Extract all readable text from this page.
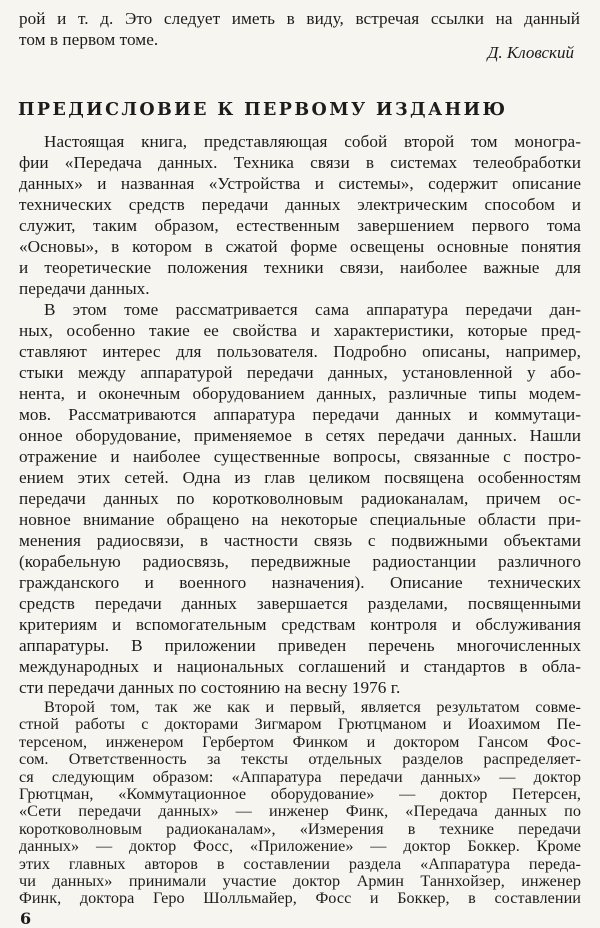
рой и т. д. Это следует иметь в виду, встречая ссылки на данный
том в первом томе.
Д. Кловский
ПРЕДИСЛОВИЕ К ПЕРВОМУ ИЗДАНИЮ
Настоящая книга, представляющая собой второй том моногра-
фии «Передача данных. Техника связи в системах телеобработки
данных» и названная «Устройства и системы», содержит описание
технических средств передачи данных электрическим способом и
служит, таким образом, естественным завершением первого тома
«Основы», в котором в сжатой форме освещены основные понятия
и теоретические положения техники связи, наиболее важные для
передачи данных.
В этом томе рассматривается сама аппаратура передачи дан-
ных, особенно такие ее свойства и характеристики, которые пред-
ставляют интерес для пользователя. Подробно описаны, например,
стыки между аппаратурой передачи данных, установленной у або-
нента, и оконечным оборудованием данных, различные типы модем-
мов. Рассматриваются аппаратура передачи данных и коммутаци-
онное оборудование, применяемое в сетях передачи данных. Нашли
отражение и наиболее существенные вопросы, связанные с постро-
ением этих сетей. Одна из глав целиком посвящена особенностям
передачи данных по коротковолновым радиоканалам, причем ос-
новное внимание обращено на некоторые специальные области при-
менения радиосвязи, в частности связь с подвижными объектами
(корабельную радиосвязь, передвижные радиостанции различного
гражданского и военного назначения). Описание технических
средств передачи данных завершается разделами, посвященными
критериям и вспомогательным средствам контроля и обслуживания
аппаратуры. В приложении приведен перечень многочисленных
международных и национальных соглашений и стандартов в обла-
сти передачи данных по состоянию на весну 1976 г.
Второй том, так же как и первый, является результатом совме-
стной работы с докторами Зигмаром Грютцманом и Иоахимом Пе-
терсеном, инженером Гербертом Финком и доктором Гансом Фос-
сом. Ответственность за тексты отдельных разделов распределяет-
ся следующим образом: «Аппаратура передачи данных» — доктор
Грютцман, «Коммутационное оборудование» — доктор Петерсен,
«Сети передачи данных» — инженер Финк, «Передача данных по
коротковолновым радиоканалам», «Измерения в технике передачи
данных» — доктор Фосс, «Приложение» — доктор Боккер. Кроме
этих главных авторов в составлении раздела «Аппаратура переда-
чи данных» принимали участие доктор Армин Таннхойзер, инженер
Финк, доктора Геро Шолльмайер, Фосс и Боккер, в составлении
6
